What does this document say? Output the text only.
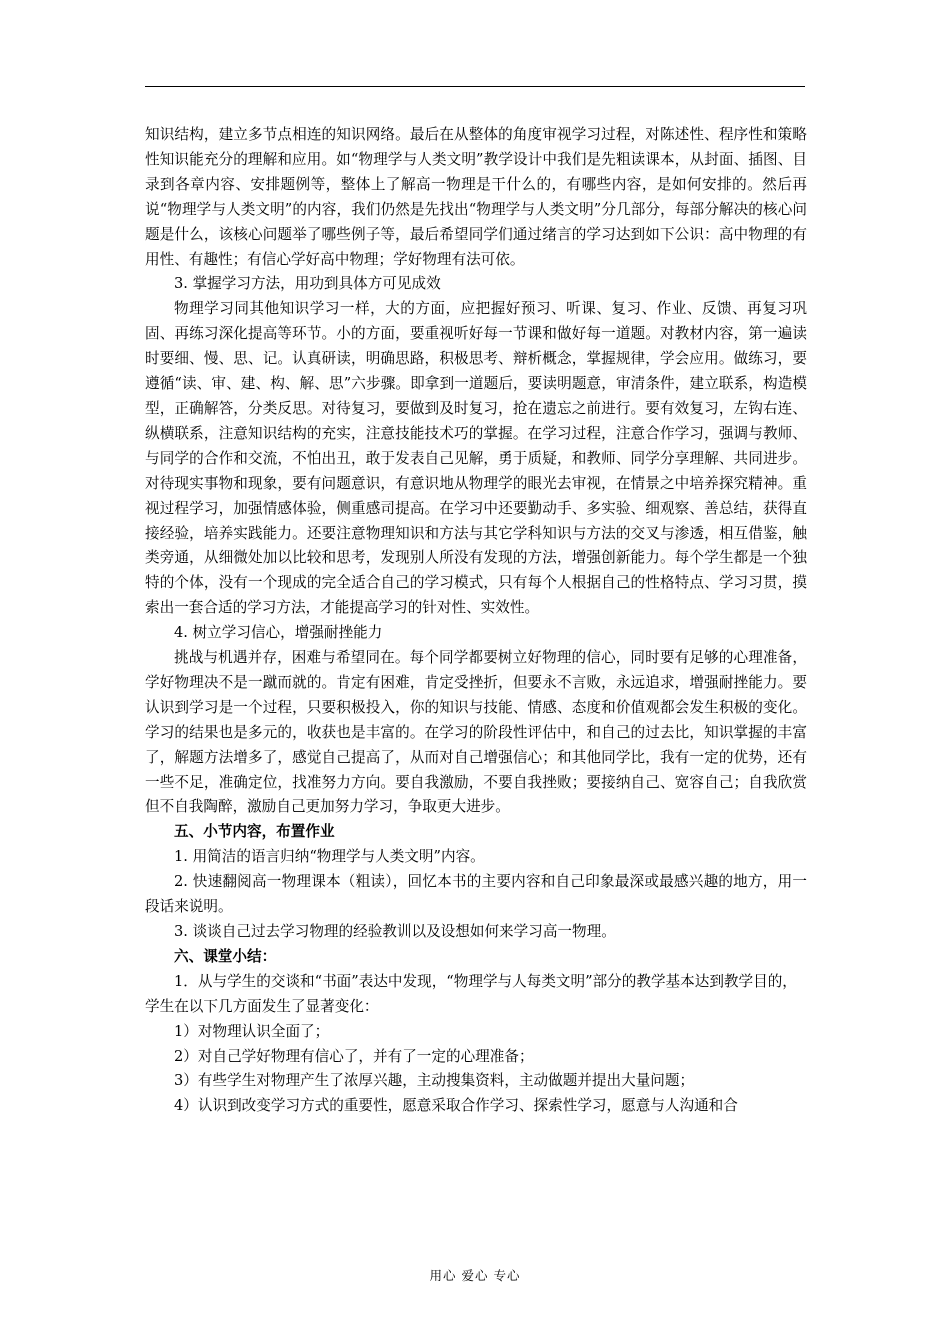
知识结构，建立多节点相连的知识网络。最后在从整体的角度审视学习过程，对陈述性、程序性和策略性知识能充分的理解和应用。如“物理学与人类文明”教学设计中我们是先粗读课本，从封面、插图、目录到各章内容、安排题例等，整体上了解高一物理是干什么的，有哪些内容，是如何安排的。然后再说“物理学与人类文明”的内容，我们仍然是先找出“物理学与人类文明”分几部分，每部分解决的核心问题是什么，该核心问题举了哪些例子等，最后希望同学们通过绪言的学习达到如下公识：高中物理的有用性、有趣性；有信心学好高中物理；学好物理有法可依。

3. 掌握学习方法，用功到具体方可见成效

物理学习同其他知识学习一样，大的方面，应把握好预习、听课、复习、作业、反馈、再复习巩固、再练习深化提高等环节。小的方面，要重视听好每一节课和做好每一道题。对教材内容，第一遍读时要细、慢、思、记。认真研读，明确思路，积极思考、辩析概念，掌握规律，学会应用。做练习，要遵循“读、审、建、构、解、思”六步骤。即拿到一道题后，要读明题意，审清条件，建立联系，构造模型，正确解答，分类反思。对待复习，要做到及时复习，抢在遗忘之前进行。要有效复习，左钩右连、纵横联系，注意知识结构的充实，注意技能技术巧的掌握。在学习过程，注意合作学习，强调与教师、与同学的合作和交流，不怕出丑，敢于发表自己见解，勇于质疑，和教师、同学分享理解、共同进步。对待现实事物和现象，要有问题意识，有意识地从物理学的眼光去审视，在情景之中培养探究精神。重视过程学习，加强情感体验，侧重感司提高。在学习中还要勤动手、多实验、细观察、善总结，获得直接经验，培养实践能力。还要注意物理知识和方法与其它学科知识与方法的交叉与渗透，相互借鉴，触类旁通，从细微处加以比较和思考，发现别人所没有发现的方法，增强创新能力。每个学生都是一个独特的个体，没有一个现成的完全适合自己的学习模式，只有每个人根据自己的性格特点、学习习贯，摸索出一套合适的学习方法，才能提高学习的针对性、实效性。

4. 树立学习信心，增强耐挫能力

挑战与机遇并存，困难与希望同在。每个同学都要树立好物理的信心，同时要有足够的心理准备，学好物理决不是一蹴而就的。肯定有困难，肯定受挫折，但要永不言败，永远追求，增强耐挫能力。要认识到学习是一个过程，只要积极投入，你的知识与技能、情感、态度和价值观都会发生积极的变化。学习的结果也是多元的，收获也是丰富的。在学习的阶段性评估中，和自己的过去比，知识掌握的丰富了，解题方法增多了，感觉自己提高了，从而对自己增强信心；和其他同学比，我有一定的优势，还有一些不足，准确定位，找准努力方向。要自我激励，不要自我挫败；要接纳自己、宽容自己；自我欣赏但不自我陶醉，激励自己更加努力学习，争取更大进步。

五、小节内容，布置作业

1. 用简洁的语言归纳“物理学与人类文明”内容。

2. 快速翻阅高一物理课本（粗读），回忆本书的主要内容和自己印象最深或最感兴趣的地方，用一段话来说明。

3. 谈谈自己过去学习物理的经验教训以及设想如何来学习高一物理。

六、课堂小结：

1．从与学生的交谈和“书面”表达中发现，“物理学与人每类文明”部分的教学基本达到教学目的，

学生在以下几方面发生了显著变化：

1）对物理认识全面了；

2）对自己学好物理有信心了，并有了一定的心理准备；

3）有些学生对物理产生了浓厚兴趣，主动搜集资料，主动做题并提出大量问题；

4）认识到改变学习方式的重要性，愿意采取合作学习、探索性学习，愿意与人沟通和合

用心 爱心 专心
